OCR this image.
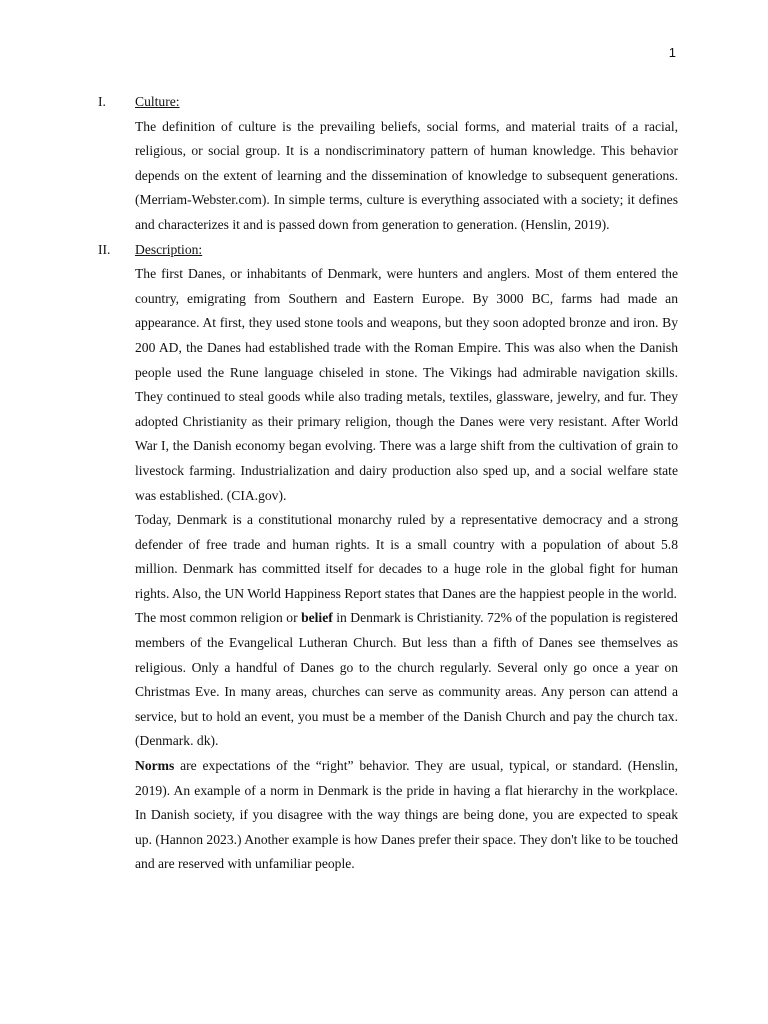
1
I.	Culture:

The definition of culture is the prevailing beliefs, social forms, and material traits of a racial, religious, or social group. It is a nondiscriminatory pattern of human knowledge. This behavior depends on the extent of learning and the dissemination of knowledge to subsequent generations. (Merriam-Webster.com). In simple terms, culture is everything associated with a society; it defines and characterizes it and is passed down from generation to generation. (Henslin, 2019).

II.	Description:

The first Danes, or inhabitants of Denmark, were hunters and anglers. Most of them entered the country, emigrating from Southern and Eastern Europe. By 3000 BC, farms had made an appearance. At first, they used stone tools and weapons, but they soon adopted bronze and iron. By 200 AD, the Danes had established trade with the Roman Empire. This was also when the Danish people used the Rune language chiseled in stone. The Vikings had admirable navigation skills. They continued to steal goods while also trading metals, textiles, glassware, jewelry, and fur. They adopted Christianity as their primary religion, though the Danes were very resistant. After World War I, the Danish economy began evolving. There was a large shift from the cultivation of grain to livestock farming. Industrialization and dairy production also sped up, and a social welfare state was established. (CIA.gov).

Today, Denmark is a constitutional monarchy ruled by a representative democracy and a strong defender of free trade and human rights. It is a small country with a population of about 5.8 million. Denmark has committed itself for decades to a huge role in the global fight for human rights. Also, the UN World Happiness Report states that Danes are the happiest people in the world.

The most common religion or belief in Denmark is Christianity. 72% of the population is registered members of the Evangelical Lutheran Church. But less than a fifth of Danes see themselves as religious. Only a handful of Danes go to the church regularly. Several only go once a year on Christmas Eve. In many areas, churches can serve as community areas. Any person can attend a service, but to hold an event, you must be a member of the Danish Church and pay the church tax. (Denmark. dk).

Norms are expectations of the “right” behavior. They are usual, typical, or standard. (Henslin, 2019). An example of a norm in Denmark is the pride in having a flat hierarchy in the workplace. In Danish society, if you disagree with the way things are being done, you are expected to speak up. (Hannon 2023.) Another example is how Danes prefer their space. They don't like to be touched and are reserved with unfamiliar people.
